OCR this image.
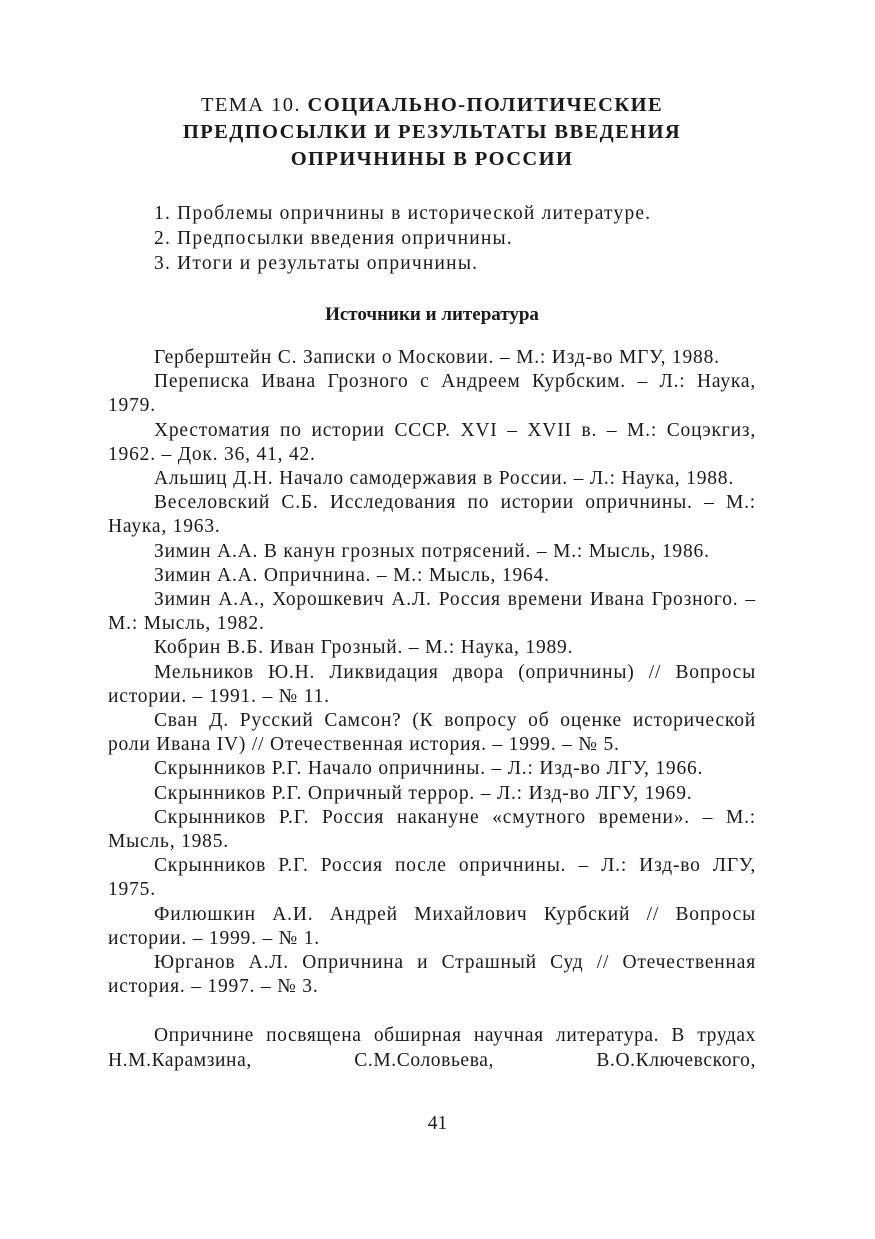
ТЕМА 10. СОЦИАЛЬНО-ПОЛИТИЧЕСКИЕ
ПРЕДПОСЫЛКИ И РЕЗУЛЬТАТЫ ВВЕДЕНИЯ
ОПРИЧНИНЫ В РОССИИ
1. Проблемы опричнины в исторической литературе.
2. Предпосылки введения опричнины.
3. Итоги и результаты опричнины.
Источники и литература

Герберштейн С. Записки о Московии. – М.: Изд-во МГУ, 1988.

Переписка Ивана Грозного с Андреем Курбским. – Л.: Наука, 1979.

Хрестоматия по истории СССР. XVI – XVII в. – М.: Соцэкгиз, 1962. – Док. 36, 41, 42.

Альшиц Д.Н. Начало самодержавия в России. – Л.: Наука, 1988.

Веселовский С.Б. Исследования по истории опричнины. – М.: Наука, 1963.

Зимин А.А. В канун грозных потрясений. – М.: Мысль, 1986.

Зимин А.А. Опричнина. – М.: Мысль, 1964.

Зимин А.А., Хорошкевич А.Л. Россия времени Ивана Грозного. – М.: Мысль, 1982.

Кобрин В.Б. Иван Грозный. – М.: Наука, 1989.

Мельников Ю.Н. Ликвидация двора (опричнины) // Вопросы истории. – 1991. – № 11.

Сван Д. Русский Самсон? (К вопросу об оценке исторической роли Ивана IV) // Отечественная история. – 1999. – № 5.

Скрынников Р.Г. Начало опричнины. – Л.: Изд-во ЛГУ, 1966.

Скрынников Р.Г. Опричный террор. – Л.: Изд-во ЛГУ, 1969.

Скрынников Р.Г. Россия накануне «смутного времени». – М.: Мысль, 1985.

Скрынников Р.Г. Россия после опричнины. – Л.: Изд-во ЛГУ, 1975.

Филюшкин А.И. Андрей Михайлович Курбский // Вопросы истории. – 1999. – № 1.

Юрганов А.Л. Опричнина и Страшный Суд // Отечественная история. – 1997. – № 3.

Опричнине посвящена обширная научная литература. В трудах Н.М.Карамзина, С.М.Соловьева, В.О.Ключевского,

41
